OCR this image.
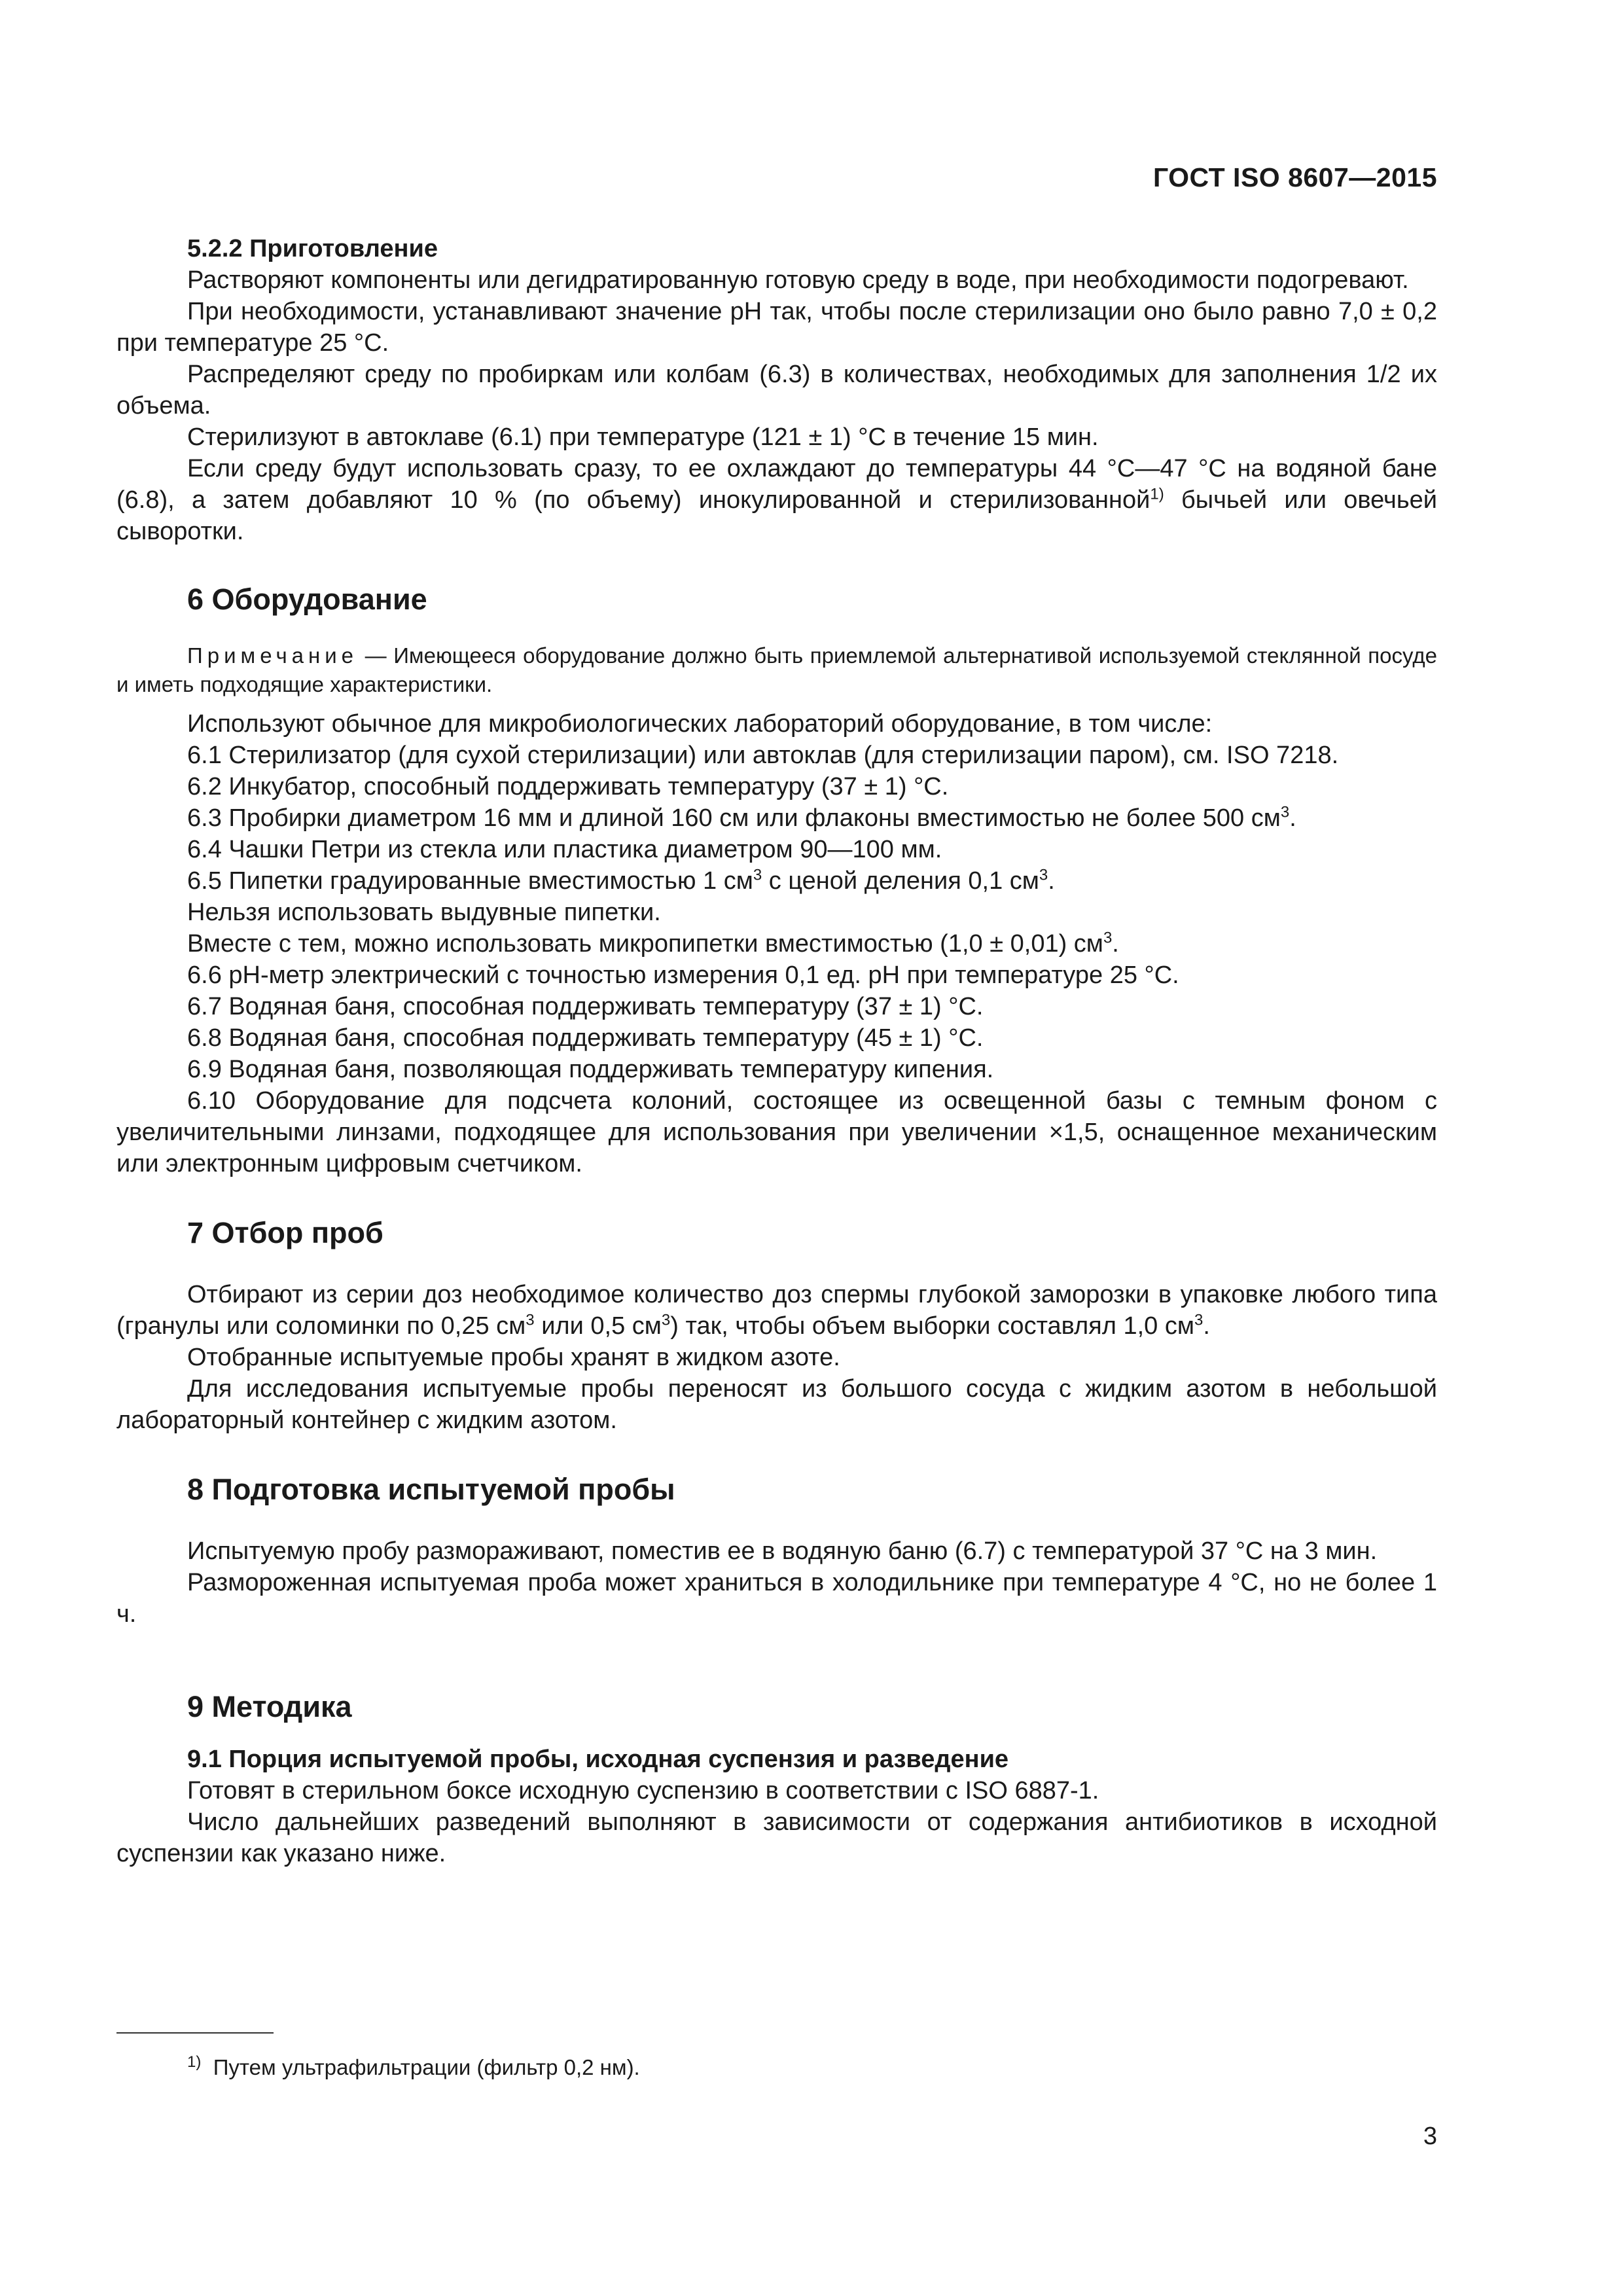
ГОСТ ISO 8607—2015

5.2.2 Приготовление

Растворяют компоненты или дегидратированную готовую среду в воде, при необходимости подогревают.

При необходимости, устанавливают значение pH так, чтобы после стерилизации оно было равно 7,0 ± 0,2 при температуре 25 °С.

Распределяют среду по пробиркам или колбам (6.3) в количествах, необходимых для заполнения 1/2 их объема.

Стерилизуют в автоклаве (6.1) при температуре (121 ± 1) °С в течение 15 мин.

Если среду будут использовать сразу, то ее охлаждают до температуры 44 °С—47 °С на водяной бане (6.8), а затем добавляют 10 % (по объему) инокулированной и стерилизованной$^{1)}$ бычьей или овечьей сыворотки.

6 Оборудование

Примечание — Имеющееся оборудование должно быть приемлемой альтернативой используемой стеклянной посуде и иметь подходящие характеристики.

Используют обычное для микробиологических лабораторий оборудование, в том числе:

6.1 Стерилизатор (для сухой стерилизации) или автоклав (для стерилизации паром), см. ISO 7218.

6.2 Инкубатор, способный поддерживать температуру (37 ± 1) °С.

6.3 Пробирки диаметром 16 мм и длиной 160 см или флаконы вместимостью не более 500 $см^3$.

6.4 Чашки Петри из стекла или пластика диаметром 90—100 мм.

6.5 Пипетки градуированные вместимостью 1 $см^3$ с ценой деления 0,1 $см^3$.

Нельзя использовать выдувные пипетки.

Вместе с тем, можно использовать микропипетки вместимостью (1,0 ± 0,01) $см^3$.

6.6 pH-метр электрический с точностью измерения 0,1 ед. pH при температуре 25 °С.

6.7 Водяная баня, способная поддерживать температуру (37 ± 1) °С.

6.8 Водяная баня, способная поддерживать температуру (45 ± 1) °С.

6.9 Водяная баня, позволяющая поддерживать температуру кипения.

6.10 Оборудование для подсчета колоний, состоящее из освещенной базы с темным фоном с увеличительными линзами, подходящее для использования при увеличении ×1,5, оснащенное механическим или электронным цифровым счетчиком.

7 Отбор проб

Отбирают из серии доз необходимое количество доз спермы глубокой заморозки в упаковке любого типа (гранулы или соломинки по 0,25 $см^3$ или 0,5 $см^3$) так, чтобы объем выборки составлял 1,0 $см^3$.

Отобранные испытуемые пробы хранят в жидком азоте.

Для исследования испытуемые пробы переносят из большого сосуда с жидким азотом в небольшой лабораторный контейнер с жидким азотом.

8 Подготовка испытуемой пробы

Испытуемую пробу размораживают, поместив ее в водяную баню (6.7) с температурой 37 °С на 3 мин.

Размороженная испытуемая проба может храниться в холодильнике при температуре 4 °С, но не более 1 ч.

9 Методика

9.1 Порция испытуемой пробы, исходная суспензия и разведение

Готовят в стерильном боксе исходную суспензию в соответствии с ISO 6887-1.

Число дальнейших разведений выполняют в зависимости от содержания антибиотиков в исходной суспензии как указано ниже.

$^{1)}$ Путем ультрафильтрации (фильтр 0,2 нм).
3
